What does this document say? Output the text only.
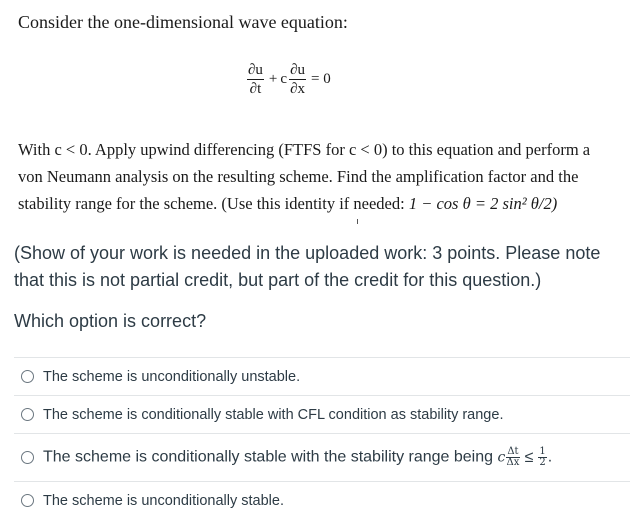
Consider the one-dimensional wave equation:
$\frac{\partial u}{\partial t} + c \frac{\partial u}{\partial x} = 0$
With c < 0. Apply upwind differencing (FTFS for c < 0) to this equation and perform a von Neumann analysis on the resulting scheme. Find the amplification factor and the stability range for the scheme. (Use this identity if needed: 1 − cos θ = 2 sin² θ/2)
(Show of your work is needed in the uploaded work: 3 points. Please note that this is not partial credit, but part of the credit for this question.)
Which option is correct?
The scheme is unconditionally unstable.
The scheme is conditionally stable with CFL condition as stability range.
The scheme is conditionally stable with the stability range being c $\frac{\Delta t}{\Delta x} \le \frac{1}{2}$ .
The scheme is unconditionally stable.
